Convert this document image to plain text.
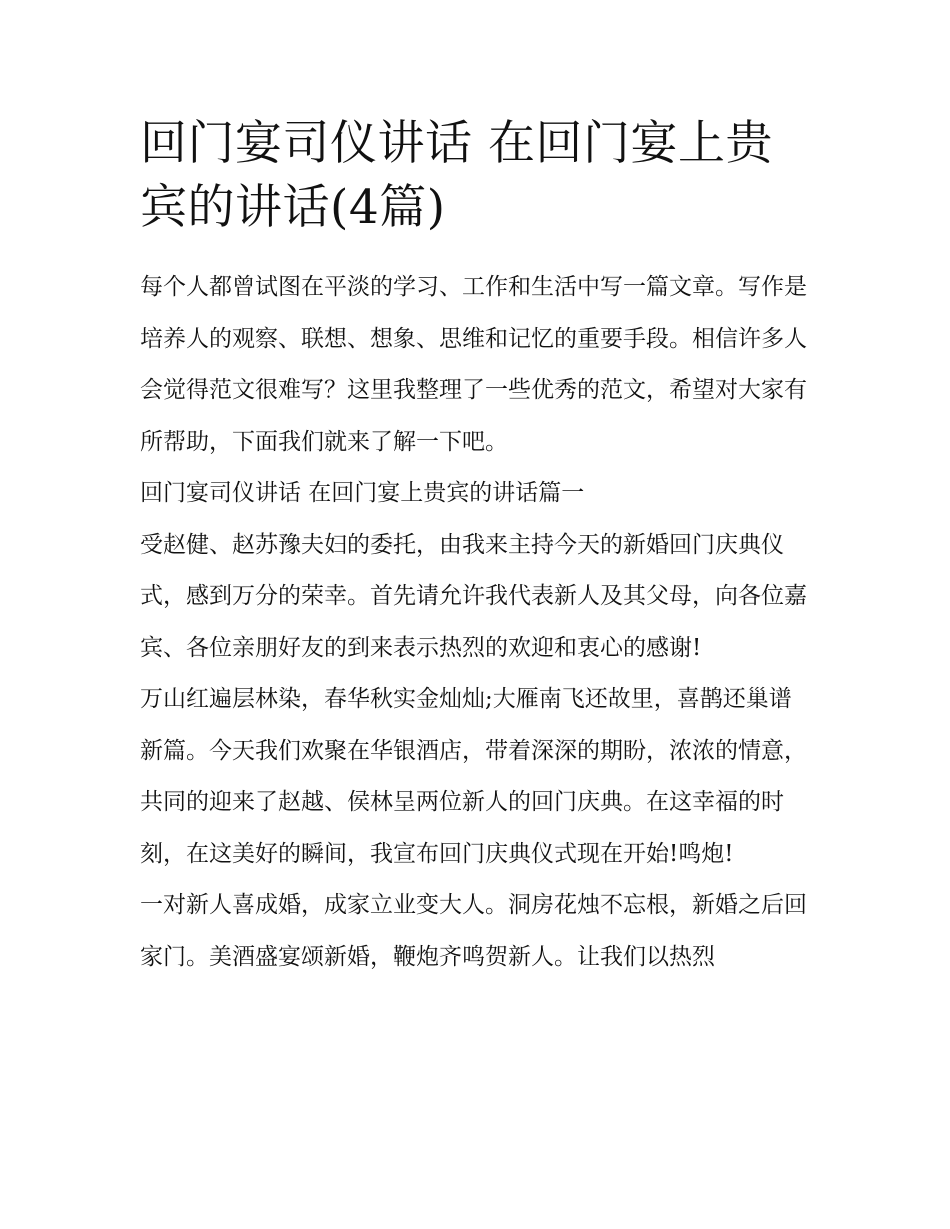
回门宴司仪讲话 在回门宴上贵宾的讲话(4篇)

每个人都曾试图在平淡的学习、工作和生活中写一篇文章。写作是培养人的观察、联想、想象、思维和记忆的重要手段。相信许多人会觉得范文很难写？这里我整理了一些优秀的范文，希望对大家有所帮助，下面我们就来了解一下吧。

回门宴司仪讲话 在回门宴上贵宾的讲话篇一

受赵健、赵苏豫夫妇的委托，由我来主持今天的新婚回门庆典仪式，感到万分的荣幸。首先请允许我代表新人及其父母，向各位嘉宾、各位亲朋好友的到来表示热烈的欢迎和衷心的感谢!

万山红遍层林染，春华秋实金灿灿;大雁南飞还故里，喜鹊还巢谱新篇。今天我们欢聚在华银酒店，带着深深的期盼，浓浓的情意，共同的迎来了赵越、侯林呈两位新人的回门庆典。在这幸福的时刻，在这美好的瞬间，我宣布回门庆典仪式现在开始!鸣炮!

一对新人喜成婚，成家立业变大人。洞房花烛不忘根，新婚之后回家门。美酒盛宴颂新婚，鞭炮齐鸣贺新人。让我们以热烈
